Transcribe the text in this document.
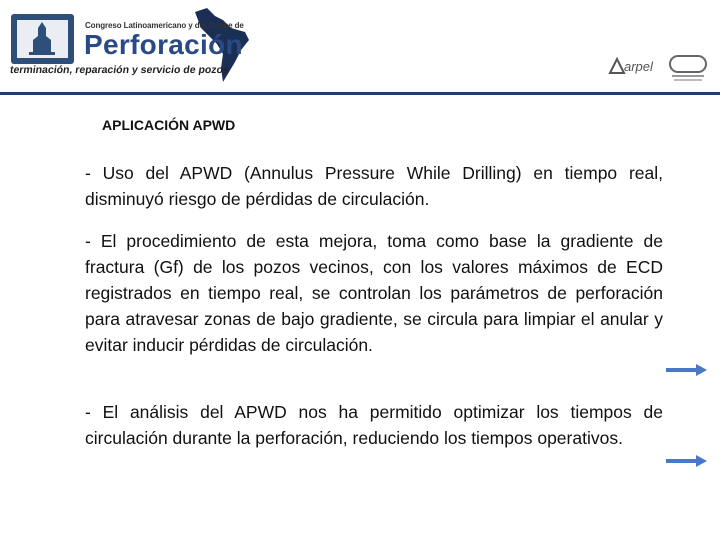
Congreso Latinoamericano y del Caribe de
Perforación
terminación, reparación y servicio de pozos	arpel
APLICACIÓN APWD
- Uso del APWD (Annulus Pressure While Drilling) en tiempo real, disminuyó riesgo de pérdidas de circulación.
- El procedimiento de esta mejora, toma como base la gradiente de fractura (Gf) de los pozos vecinos, con los valores máximos de ECD registrados en tiempo real, se controlan los parámetros de perforación para atravesar zonas de bajo gradiente, se circula para limpiar el anular y evitar inducir pérdidas de circulación.
- El análisis del APWD nos ha permitido optimizar los tiempos de circulación durante la perforación, reduciendo los tiempos operativos.
